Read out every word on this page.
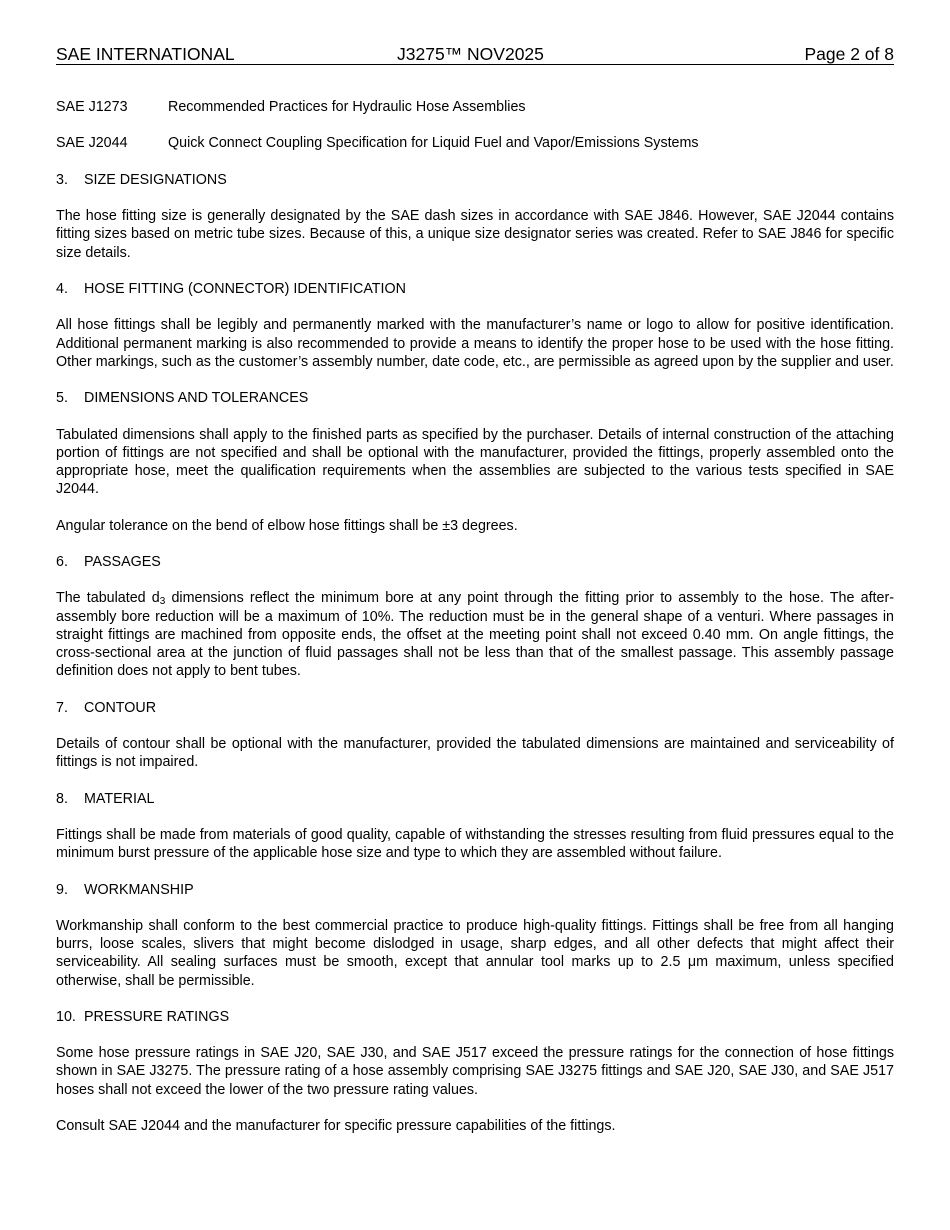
SAE INTERNATIONAL	J3275™ NOV2025	Page 2 of 8
SAE J1273	Recommended Practices for Hydraulic Hose Assemblies
SAE J2044	Quick Connect Coupling Specification for Liquid Fuel and Vapor/Emissions Systems
3. SIZE DESIGNATIONS

The hose fitting size is generally designated by the SAE dash sizes in accordance with SAE J846. However, SAE J2044 contains fitting sizes based on metric tube sizes. Because of this, a unique size designator series was created. Refer to SAE J846 for specific size details.

4. HOSE FITTING (CONNECTOR) IDENTIFICATION

All hose fittings shall be legibly and permanently marked with the manufacturer’s name or logo to allow for positive identification. Additional permanent marking is also recommended to provide a means to identify the proper hose to be used with the hose fitting. Other markings, such as the customer’s assembly number, date code, etc., are permissible as agreed upon by the supplier and user.

5. DIMENSIONS AND TOLERANCES

Tabulated dimensions shall apply to the finished parts as specified by the purchaser. Details of internal construction of the attaching portion of fittings are not specified and shall be optional with the manufacturer, provided the fittings, properly assembled onto the appropriate hose, meet the qualification requirements when the assemblies are subjected to the various tests specified in SAE J2044.

Angular tolerance on the bend of elbow hose fittings shall be ±3 degrees.

6. PASSAGES

The tabulated $d_3$ dimensions reflect the minimum bore at any point through the fitting prior to assembly to the hose. The after-assembly bore reduction will be a maximum of 10%. The reduction must be in the general shape of a venturi. Where passages in straight fittings are machined from opposite ends, the offset at the meeting point shall not exceed 0.40 mm. On angle fittings, the cross-sectional area at the junction of fluid passages shall not be less than that of the smallest passage. This assembly passage definition does not apply to bent tubes.

7. CONTOUR

Details of contour shall be optional with the manufacturer, provided the tabulated dimensions are maintained and serviceability of fittings is not impaired.

8. MATERIAL

Fittings shall be made from materials of good quality, capable of withstanding the stresses resulting from fluid pressures equal to the minimum burst pressure of the applicable hose size and type to which they are assembled without failure.

9. WORKMANSHIP

Workmanship shall conform to the best commercial practice to produce high-quality fittings. Fittings shall be free from all hanging burrs, loose scales, slivers that might become dislodged in usage, sharp edges, and all other defects that might affect their serviceability. All sealing surfaces must be smooth, except that annular tool marks up to 2.5 μm maximum, unless specified otherwise, shall be permissible.

10. PRESSURE RATINGS

Some hose pressure ratings in SAE J20, SAE J30, and SAE J517 exceed the pressure ratings for the connection of hose fittings shown in SAE J3275. The pressure rating of a hose assembly comprising SAE J3275 fittings and SAE J20, SAE J30, and SAE J517 hoses shall not exceed the lower of the two pressure rating values.

Consult SAE J2044 and the manufacturer for specific pressure capabilities of the fittings.
